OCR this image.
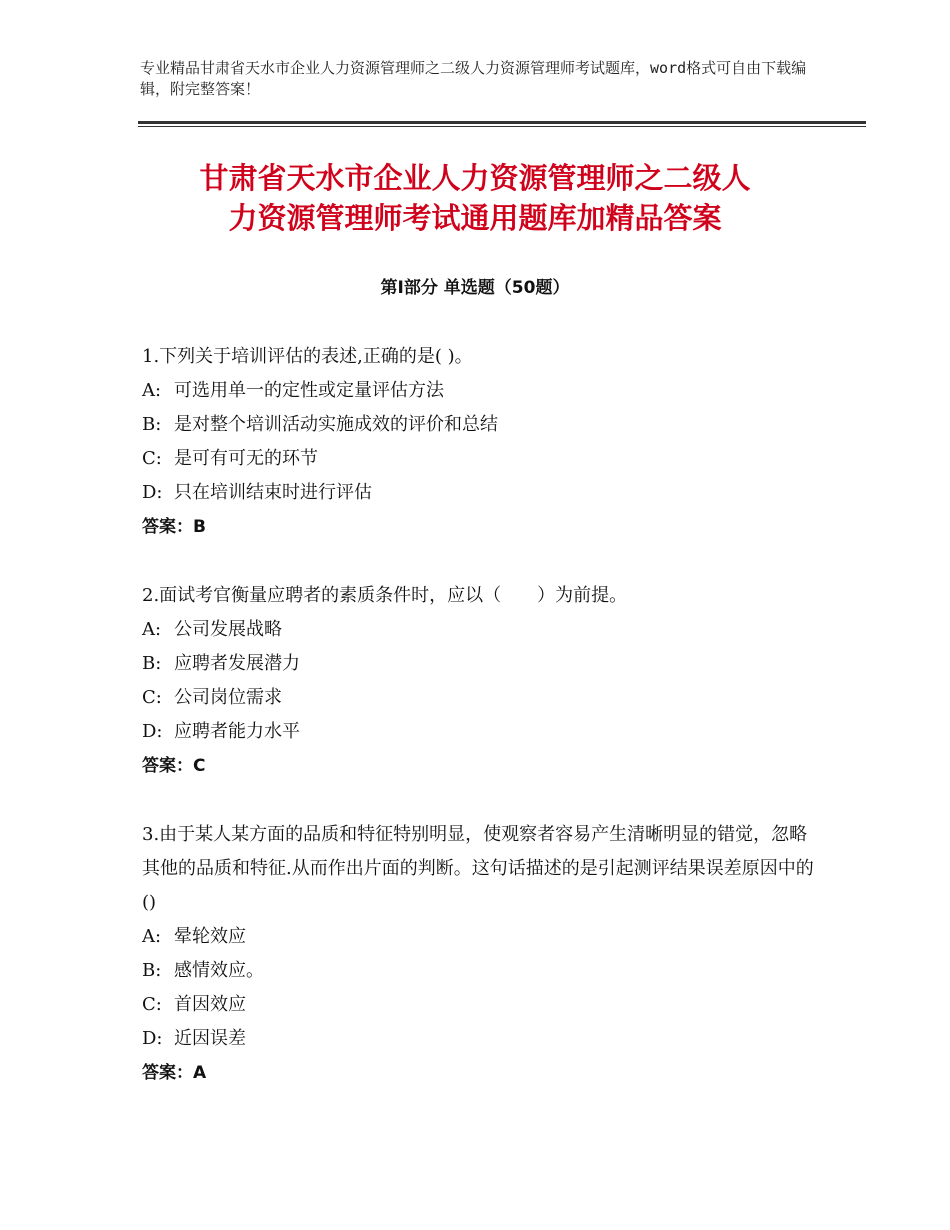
专业精品甘肃省天水市企业人力资源管理师之二级人力资源管理师考试题库，word格式可自由下载编辑，附完整答案！
甘肃省天水市企业人力资源管理师之二级人
力资源管理师考试通用题库加精品答案
第Ⅰ部分 单选题（50题）

1.下列关于培训评估的表述,正确的是( )。

A: 可选用单一的定性或定量评估方法

B: 是对整个培训活动实施成效的评价和总结

C: 是可有可无的环节

D: 只在培训结束时进行评估

答案：B

2.面试考官衡量应聘者的素质条件时，应以（　　）为前提。

A: 公司发展战略

B: 应聘者发展潜力

C: 公司岗位需求

D: 应聘者能力水平

答案：C

3.由于某人某方面的品质和特征特别明显，使观察者容易产生清晰明显的错觉，忽略其他的品质和特征.从而作出片面的判断。这句话描述的是引起测评结果误差原因中的()

A: 晕轮效应

B: 感情效应。

C: 首因效应

D: 近因误差

答案：A
